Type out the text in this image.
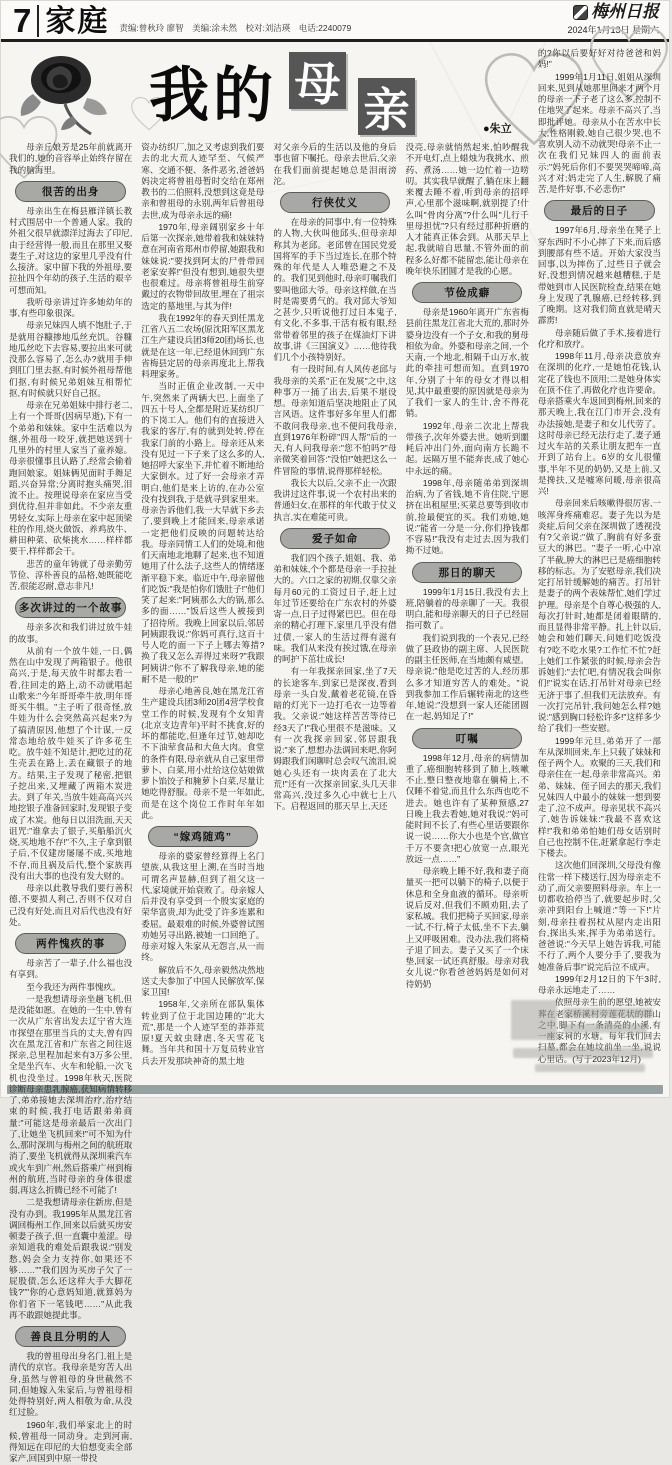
7 家庭 责编:曾秋玲 廖智　美编:涂未然　校对:刘洁瑛　电话:2240079
梅州日报
2024年1月13日 星期六
我的 母 亲	●朱立

母亲丘娘芳是25年前就离开我们的,她的音容举止始终存留在我的脑海里。

很苦的出身

母亲出生在梅县雁洋镇长教村式围居中一个普通人家。我的外祖父很早就漂洋过海去了印尼,由于经营得一般,而且在那里又娶妻生子,对这边的家里几乎没有什么接济。家中留下我的外祖母,要拉扯四个年幼的孩子,生活的艰辛可想而知。

我听母亲讲过许多她幼年的事,有些印象很深。

母亲兄妹四人填不饱肚子,于是就用谷糠掺地瓜丝充饥。谷糠地瓜丝吃下去容易,要拉出来可就没那么容易了,怎么办?就用手伸到肛门里去抠,有时候外祖母帮他们抠,有时候兄弟姐妹互相帮忙抠,有时候就只好自己抠。

母亲在兄弟姐妹中排行老二,上有一个哥哥(因病早逝),下有一个弟弟和妹妹。家中生活难以为继,外祖母一咬牙,就把她送到十几里外的村里人家当了童养媳。母亲很懂事且认路了,经常会偷着跑回娘家。姐妹俩见面时手舞足蹈,兴奋异常;分离时抱头痛哭,泪流不止。按理说母亲在家应当受到优待,但并非如此。不少亲友重男轻女,实际上母亲在家中起顶梁柱的作用,烧火做饭、养鸡放牛、耕田种菜、砍柴挑水……样样都要干,样样都会干。

悲苦的童年铸就了母亲勤劳节俭、淳朴善良的品格,她既能吃苦,很能忍耐,意志非凡!

多次讲过的一个故事

母亲多次和我们讲过放牛娃的故事。

从前有一个放牛娃,一日,偶然在山中发现了两箱银子。他很高兴,于是,每天放牛时都去看一看,往回走的路上,动不动就唱起山歌来:"今年哥哥牵牛放,明年哥哥买牛犋。"主子听了很奇怪,放牛娃为什么会突然高兴起来?为了搞清原因,他想了个计谋,一反常态地给放牛娃买了许多花生吃。放牛娃不知是计,把吃过的花生壳丢在路上,丢在藏银子的地方。结果,主子发现了秘密,把银子挖出来,又埋藏了两箱木炭进去。到了年关,当放牛娃高高兴兴地挖银子准备回家时,发现银子变成了木炭。他每日以泪洗面,天天诅咒:"谁拿去了银子,买船船沉火烧,买地地不存!"不久,主子拿到银子后,不仅建房屡屡不成,买地地不存,而且祸及后代,整个家族再没有出大事的也没有发大财的。

母亲以此教导我们要行善积德,不要损人利己,否则不仅对自己没有好处,而且对后代也没有好处。

两件愧疚的事

母亲苦了一辈子,什么福也没有享到。

至今我还为两件事愧疚。

一是我想请母亲坐趟飞机,但是没能如愿。在她的一生中,曾有一次从广东省出发去辽宁省大连市探望在那里当兵的丈夫,曾有四次在黑龙江省和广东省之间往返探亲,总里程加起来有3万多公里,全是坐汽车、火车和轮船,一次飞机也没坐过。1998年秋天,医院诊断母亲患乳腺癌,获知病情转移了,弟弟接她去深圳治疗,治疗结束的时候,我打电话跟弟弟商量:"可能这是母亲最后一次出门了,让她坐飞机回来!"可不知为什么,那时深圳与梅州之间的航班取消了,要坐飞机就得从深圳乘汽车或火车到广州,然后搭乘广州到梅州的航班,当时母亲的身体很虚弱,再这么折腾已经不可能了!

二是我想请母亲住新房,但是没有办到。我1995年从黑龙江省调回梅州工作,回来以后就买房安顿妻子孩子,但一直囊中羞涩。母亲知道我的难处后跟我说:"别发愁,妈会全力支持你,如果还不够……""我们因为买房子欠了一屁股债,怎么还这样大手大脚花钱?""你的心意妈知道,就算妈为你们省下一笔钱吧……"从此我再不敢跟她提此事。

善良且分明的人

我的曾祖母出身名门,祖上是清代的京官。我母亲是穷苦人出身,虽然与曾祖母的身世截然不同,但她嫁入朱家后,与曾祖母相处得特别好,两人相敬为命,从没红过脸。

1960年,我们举家北上的时候,曾祖母一同动身。走到河南,得知远在印尼的大伯想变卖全部家产,回国到中原一带投

资办纺织厂,加之又考虑到我们要去的北大荒人迹罕至、气候严寒、交通不便、条件恶劣,爸爸妈妈决定将曾祖母暂时交给在郑州教书的二伯照料,没想到这竟是母亲和曾祖母的永别,两年后曾祖母去世,成为母亲永远的痛!

1970年,母亲阔别家乡十年后第一次探亲,她带着我和妹妹特意在河南省郑州市停留,她跟我和妹妹说:"要找到阿太的尸骨带回老家安葬!"但没有想到,她很失望也很难过。母亲将曾祖母生前穿戴过的衣物带回故里,埋在了祖宗选定的墓地里,与其为伴!

我在1992年的春天到任黑龙江省八五二农场(原沈阳军区黑龙江生产建设兵团3师20团)场长,也就是在这一年,已经退休回到广东省梅县定居的母亲再度北上,帮我料理家务。

当时正值企业改制,一天中午,突然来了两辆大巴,上面坐了四五十号人,全都是附近某纺织厂的下岗工人。他们有的直接进入我家的客厅,有的就到处转,停在我家门前的小路上。母亲还从来没有见过一下子来了这么多的人,她招呼大家坐下,并忙着不断地给大家倒水。过了好一会母亲才弄明白,他们是来上访的,在办公室没有找到我,于是就寻到家里来。母亲告诉他们,我一大早就下乡去了,要到晚上才能回来,母亲承诺一定把他们反映的问题转达给我。母亲同情工人们的处境,和他们天南地北地聊了起来,也不知道她用了什么法子,这些人的情绪逐渐平稳下来。临近中午,母亲留他们吃饭:"我是怕你们饿肚子!"他们笑了起来:"阿姨那么大的锅,那么多的面……"饭后这些人被接到了招待所。我晚上回家以后,邻居阿姨跟我说:"你妈可真行,这百十号人吃的面一下子上哪去筹措?换了我又怎么弄得过来呀?"我跟阿姨讲:"你不了解我母亲,她的能耐不是一般的!"

母亲心地善良,她在黑龙江省生产建设兵团3师20团4营学校食堂工作的时候,发现有个女知青(北京支边青年)平时不挑食,好的坏的都能吃,但逢年过节,她却吃不下油荤食品和大鱼大肉。食堂的条件有限,母亲就从自己家里带萝卜、白菜,用小灶给这位姑娘做萝卜馅饺子和腌萝卜白菜,尽量让她吃得舒服。母亲不是一年如此,而是在这个岗位工作时年年如此。

“嫁鸡随鸡”

母亲的婆家曾经算得上名门望族,从我这里上溯,在当时当地可谓名声显赫,但到了祖父这一代,家境就开始衰败了。母亲嫁人后并没有享受到一个殷实家庭的荣华富贵,却为此受了许多连累和委屈。最艰难的时候,外婆曾试图劝她另寻出路,被她一口回绝了。母亲对嫁入朱家从无怨言,从一而终。

解放后不久,母亲毅然决然地送丈夫参加了中国人民解放军,保家卫国!

1958年,父亲所在部队集体转业到了位于北国边陲的"北大荒",那是一个人迹罕至的莽莽荒原!夏天蚊虫肆虐,冬天雪花飞舞。当年共和国十万复员转业官兵去开发那块神奇的黑土地

对父亲今后的生活以及他的身后事也留下嘱托。母亲去世后,父亲在我们面前提起她总是泪雨滂沱。

行侠仗义

在母亲的同事中,有一位特殊的人物,大伙叫他邱头,但母亲却称其为老邱。老邱曾在国民党爱国将军的手下当过连长,在那个特殊的年代是人人唯恐避之不及的。我们见到他时,母亲叮嘱我们要叫他邱大爷。母亲这样做,在当时是需要勇气的。我对邱大爷知之甚少,只听说他打过日本鬼子,有文化,不多事,干活有板有眼,经常带着邻里的孩子在煤油灯下讲故事,讲《三国演义》……他待我们几个小孩特别好。

有一段时间,有人风传老邱与我母亲的关系"正在发展"之中,这种事万一捅了出去,后果不堪设想。母亲知道后坚决地阻止了风言风语。这件事好多年里人们都不敢问我母亲,也不便问我母亲,直到1976年粉碎"四人帮"后的一天,有人问我母亲:"您不怕吗?"母亲微笑着回答:"没怕!"她把这么一件冒险的事情,说得那样轻松。

我长大以后,父亲不止一次跟我讲过这件事,说一个农村出来的普通妇女,在那样的年代敢于仗义执言,实在难能可贵。

爱子如命

我们四个孩子,姐姐、我、弟弟和妹妹,个个都是母亲一手拉扯大的。六口之家的初期,仅靠父亲每月60元的工资过日子,赶上过年过节还要给在广东农村的外婆寄一点,日子过得紧巴巴。但在母亲的精心打理下,家里几乎没有借过债,一家人的生活过得有滋有味。我们从来没有挨过饿,在母亲的呵护下茁壮成长!

有一年我探亲回家,坐了7天的长途客车,到家已是深夜,看到母亲一头白发,戴着老花镜,在昏暗的灯光下一边打毛衣一边等着我。父亲说:"她这样苦苦等待已经3天了!"我心里很不是滋味。又有一次我探亲回家,邻居跟我说:"来了,想想办法调回来吧,你阿姆跟我们闲聊时总会叹气流泪,说她心头还有一块肉丢在了北大荒!"还有一次探亲回家,头几天非常高兴,没过多久心中就七上八下。启程返回的那天早上,天还

没亮,母亲就悄然起来,怕吵醒我不开电灯,点上蜡烛为我挑水、煎药、煮汤……她一边忙着一边唠叨。其实我早就醒了,躺在床上翻来覆去睡不着,听到母亲的招呼声,心里那个滋味啊,就别提了!什么叫"骨肉分离"?什么叫"儿行千里母担忧"?只有经过那种折磨的人才能真正体会到。从那天早上起,我就暗自思量,不管外面的前程多么好都不能留恋,能让母亲在晚年快乐团圆才是我的心愿。

节俭成癖

母亲是1960年离开广东省梅县前往黑龙江省北大荒的,那时外婆身边没有一个子女,和我的舅母相依为命。外婆和母亲之间,一个天南,一个地北,相隔千山万水,彼此的牵挂可想而知。直到1970年,分别了十年的母女才得以相见,其中最重要的原因就是母亲为了我们一家人的生计,舍不得花销。

1992年,母亲二次北上帮我带孩子,次年外婆去世。她听到噩耗后冲出门外,面向南方长跪不起。远隔万里不能奔丧,成了她心中永远的痛。

1998年,母亲随弟弟到深圳治病,为了省钱,她不肯住院,宁愿挤在出租屋里;买菜总要等到收市前,捡最便宜的买。我们劝她,她说:"能省一分是一分,你们挣钱都不容易!"我没有走过去,因为我们拗不过她。

那日的聊天

1999年1月15日,我没有去上班,陪躺着的母亲聊了一天。我很明白,能和母亲聊天的日子已经屈指可数了。

我们说到我的一个表兄,已经做了县政协的副主席、人民医院的副主任医师,在当地颇有威望。母亲说:"他是吃过苦的人,经历那么多才知道穷苦人的难处。"说到我参加工作后辗转南北的这些年,她说:"没想到一家人还能团圆在一起,妈知足了!"

叮嘱

1998年12月,母亲的病情加重了,癌细胞转移到了肺上,咳嗽不止,整日整夜地靠在躺椅上,不仅睡不着觉,而且什么东西也吃不进去。她也许有了某种预感,27日晚上我去看她,她对我说:"妈可能时间不长了,有些心里话要跟你说一说……你大小也是个官,做官千万不要贪!把心放宽一点,眼光放远一点……"

母亲晚上睡不好,我和妻子商量买一把可以躺下的椅子,以便于休息和全身血液的循环。母亲听说后反对,但我们不顾劝阻,去了家私城。我们把椅子买回家,母亲一试,不行,椅子太低,坐不下去,躺上又呼吸困难。没办法,我们将椅子退了回去。妻子又买了一个床垫,回家一试还真舒服。母亲对我女儿说:"你看爸爸妈妈是如何对待奶奶

的?你以后要好好对待爸爸和妈妈!"

1999年1月11日,姐姐从深圳回来,见到从她那里回来才两个月的母亲一下子老了这么多,控制不住地哭了起来。母亲不高兴了,当即批评她。母亲从小在苦水中长大,性格刚毅,她自己很少哭,也不喜欢别人动不动就哭!母亲不止一次在我们兄妹四人的面前表示:"妈死后你们不要哭哭啼啼,高兴才对;妈走完了人生,解脱了痛苦,是件好事,不必悲伤!"

最后的日子

1997年6月,母亲坐在凳子上穿东西时不小心摔了下来,而后感到腰部有些不适。开始大家没当回事,以为摔伤了,过些日子就会好,没想到情况越来越糟糕,于是带她到市人民医院检查,结果在她身上发现了乳腺癌,已经转移,到了晚期。这对我们简直就是晴天霹雳!

母亲随后做了手术,接着进行化疗和放疗。

1998年11月,母亲决意放弃在深圳的化疗,一是她怕花钱,认定花了钱也不顶用;二是她身体实在顶不住了,再做化疗也许要命。母亲搭乘火车返回到梅州,回来的那天晚上,我在江门市开会,没有办法接她,是妻子和女儿代劳了。这时母亲已经无法行走了,妻子通过火车站的关系让朋友把车一直开到了站台上。6岁的女儿很懂事,半年不见的奶奶,又是上前,又是搀扶,又是嘘寒问暖,母亲很高兴!

母亲回来后咳嗽得很厉害,一咳浑身疼痛难忍。妻子先以为是炎症,后问父亲在深圳做了透视没有?父亲说:"做了,胸前有好多蚕豆大的淋巴。"妻子一听,心中凉了半截,肿大的淋巴已是癌细胞转移的标志。为了安慰母亲,我们决定打吊针缓解她的痛苦。打吊针是妻子的两个表妹帮忙,她们学过护理。母亲是个自尊心极强的人,每次打针时,她都是闭着眼睛的,而且显得非常平静。扎上针以后,她会和她们聊天,问她们吃饭没有?吃不吃水果?工作忙不忙?赶上她们工作紧张的时候,母亲会告诉她们:"去忙吧,有情况我会叫你们!"说实在话,打吊针对母亲已经无济于事了,但我们无法放弃。有一次打完吊针,我问她怎么样?她说:"感到胸口轻松许多!"这样多少给了我们一些安慰。

1999年元旦,弟弟开了一部车从深圳回来,车上只载了妹妹和侄子两个人。欢聚的三天,我们和母亲住在一起,母亲非常高兴。弟弟、妹妹、侄子回去的那天,我们兄妹四人中最小的妹妹一想到要走了,泣不成声。母亲见状不高兴了,她告诉妹妹:"我最不喜欢这样!"我和弟弟怕她们母女话别时自己也控制不住,赶紧拿起行李走下楼去。

这次他们回深圳,父母没有像往常一样下楼送行,因为母亲走不动了,而父亲要照料母亲。车上一切都收拾停当了,就要起步时,父亲冲到阳台上喊道:"等一下!"片刻,母亲拄着拐杖从屋内走出阳台,探出头来,挥手为弟弟送行。爸爸说:"今天早上她告诉我,可能不行了,两个人要分手了,要我为她准备后事!"说完后泣不成声。

1999年2月12日的下午3时,母亲永远地走了……

依照母亲生前的愿望,她被安葬在老家桥溪村旁莲花状的群山之中,脚下有一条清亮的小溪,有一座家祠的水塘。每年我们回去扫墓,都会在她坟前坐一坐,说说心里话。(写于2023年12月)
